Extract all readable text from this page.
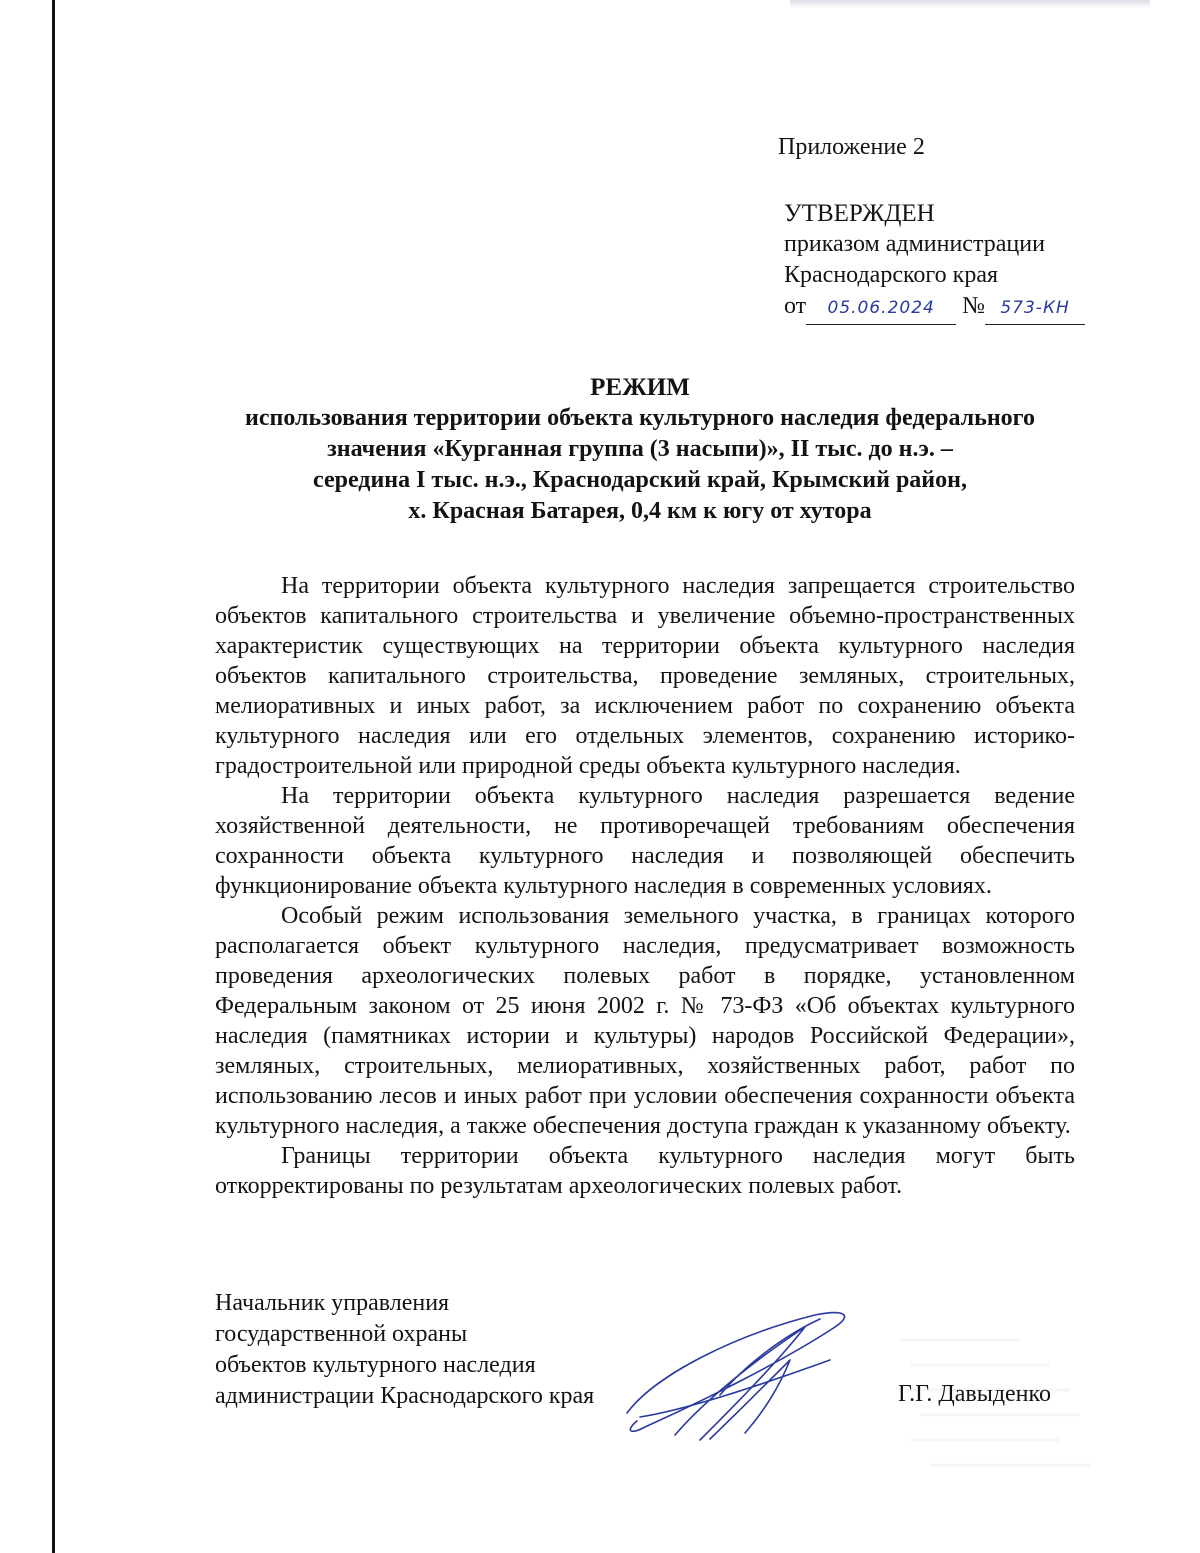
Приложение 2
УТВЕРЖДЕН
приказом администрации
Краснодарского края
от 05.06.2024 № 573-КН
РЕЖИМ
использования территории объекта культурного наследия федерального
значения «Курганная группа (3 насыпи)», II тыс. до н.э. –
середина I тыс. н.э., Краснодарский край, Крымский район,
х. Красная Батарея, 0,4 км к югу от хутора

На территории объекта культурного наследия запрещается строительство объектов капитального строительства и увеличение объемно-пространственных характеристик существующих на территории объекта культурного наследия объектов капитального строительства, проведение земляных, строительных, мелиоративных и иных работ, за исключением работ по сохранению объекта культурного наследия или его отдельных элементов, сохранению историко-градостроительной или природной среды объекта культурного наследия.

На территории объекта культурного наследия разрешается ведение хозяйственной деятельности, не противоречащей требованиям обеспечения сохранности объекта культурного наследия и позволяющей обеспечить функционирование объекта культурного наследия в современных условиях.

Особый режим использования земельного участка, в границах которого располагается объект культурного наследия, предусматривает возможность проведения археологических полевых работ в порядке, установленном Федеральным законом от 25 июня 2002 г. № 73-ФЗ «Об объектах культурного наследия (памятниках истории и культуры) народов Российской Федерации», земляных, строительных, мелиоративных, хозяйственных работ, работ по использованию лесов и иных работ при условии обеспечения сохранности объекта культурного наследия, а также обеспечения доступа граждан к указанному объекту.

Границы территории объекта культурного наследия могут быть откорректированы по результатам археологических полевых работ.

Начальник управления
государственной охраны
объектов культурного наследия
администрации Краснодарского края	Г.Г. Давыденко
